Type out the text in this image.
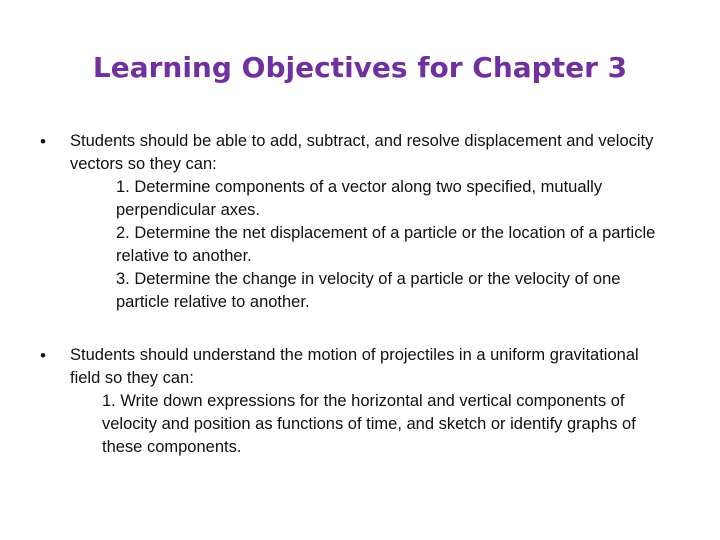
Learning Objectives for Chapter 3
• Students should be able to add, subtract, and resolve displacement and velocity vectors so they can:

1. Determine components of a vector along two specified, mutually perpendicular axes.
2. Determine the net displacement of a particle or the location of a particle relative to another.
3. Determine the change in velocity of a particle or the velocity of one particle relative to another.
• Students should understand the motion of projectiles in a uniform gravitational field so they can:

1. Write down expressions for the horizontal and vertical components of velocity and position as functions of time, and sketch or identify graphs of these components.
